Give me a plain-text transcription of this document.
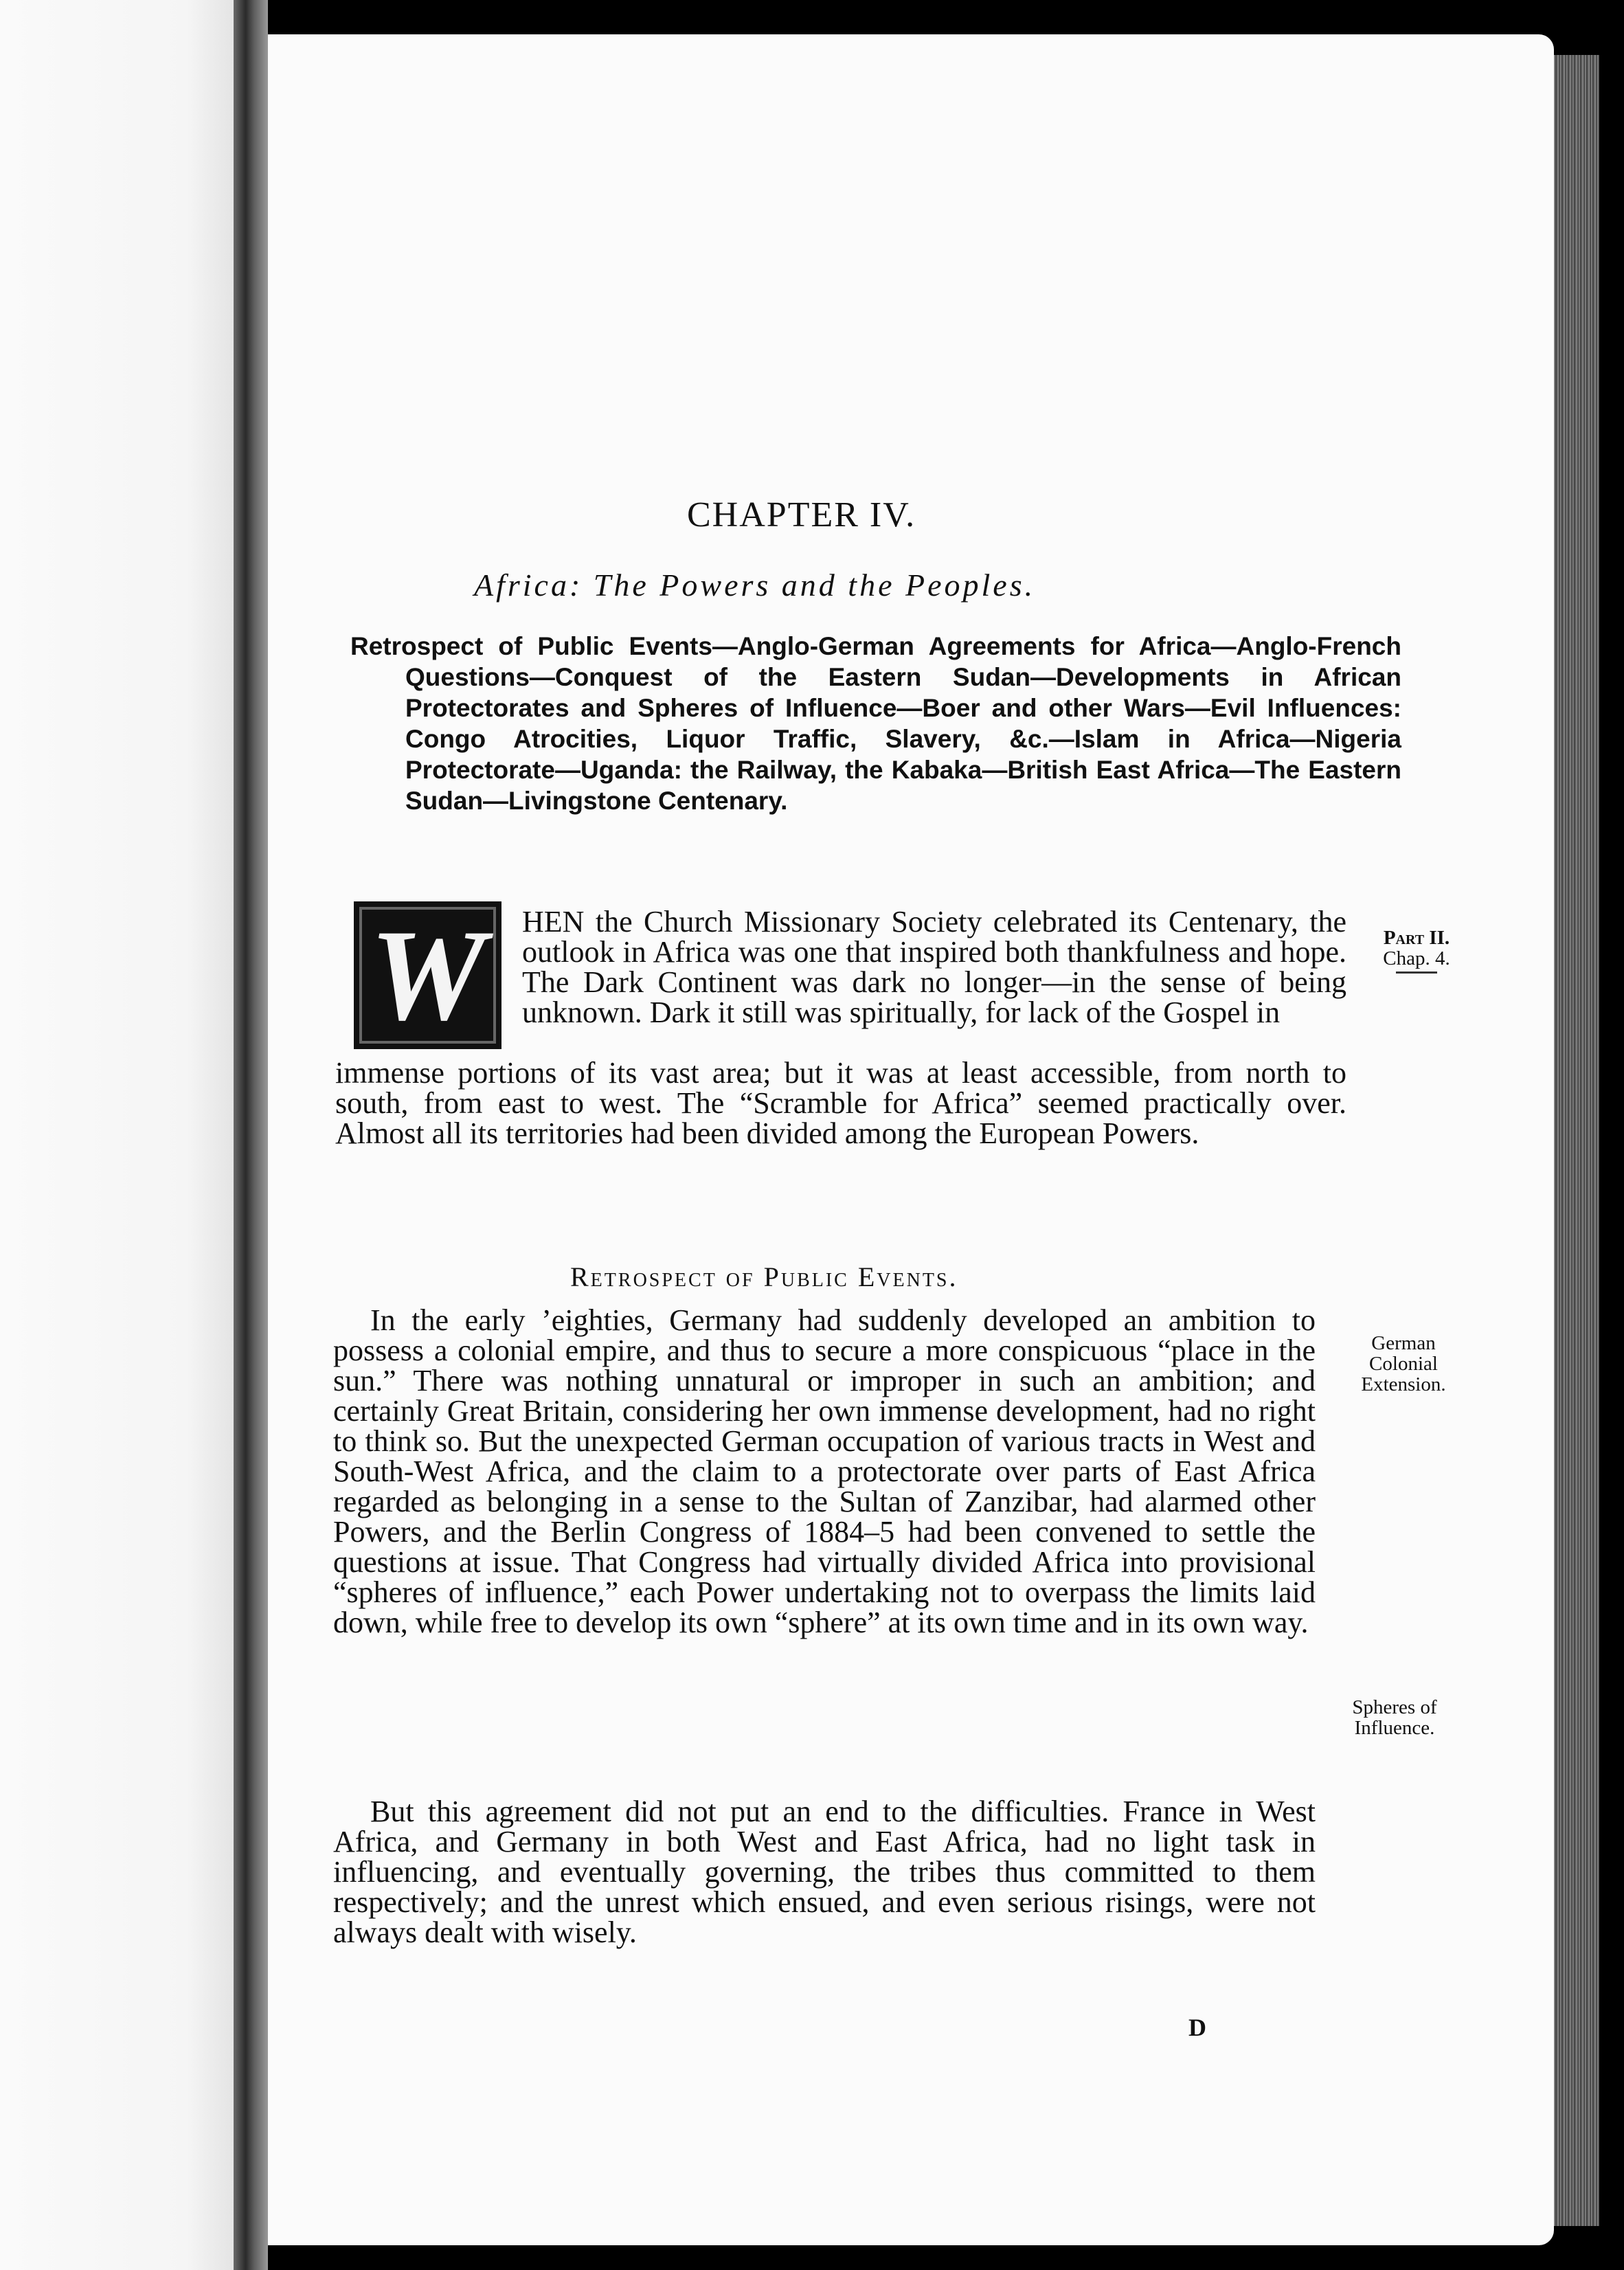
CHAPTER IV.
Africa: The Powers and the Peoples.
Retrospect of Public Events—Anglo-German Agreements for Africa—Anglo-French Questions—Conquest of the Eastern Sudan—Developments in African Protectorates and Spheres of Influence—Boer and other Wars—Evil Influences: Congo Atrocities, Liquor Traffic, Slavery, &c.—Islam in Africa—Nigeria Protectorate—Uganda: the Railway, the Kabaka—British East Africa—The Eastern Sudan—Livingstone Centenary.
W HEN the Church Missionary Society celebrated its Centenary, the outlook in Africa was one that inspired both thankfulness and hope. The Dark Continent was dark no longer—in the sense of being unknown. Dark it still was spiritually, for lack of the Gospel in
immense portions of its vast area; but it was at least accessible, from north to south, from east to west. The “Scramble for Africa” seemed practically over. Almost all its territories had been divided among the European Powers.
Retrospect of Public Events.
In the early ’eighties, Germany had suddenly developed an ambition to possess a colonial empire, and thus to secure a more conspicuous “place in the sun.” There was nothing unnatural or improper in such an ambition; and certainly Great Britain, considering her own immense development, had no right to think so. But the unexpected German occupation of various tracts in West and South-West Africa, and the claim to a protectorate over parts of East Africa regarded as belonging in a sense to the Sultan of Zanzibar, had alarmed other Powers, and the Berlin Congress of 1884–5 had been convened to settle the questions at issue. That Congress had virtually divided Africa into provisional “spheres of influence,” each Power undertaking not to overpass the limits laid down, while free to develop its own “sphere” at its own time and in its own way.
But this agreement did not put an end to the difficulties. France in West Africa, and Germany in both West and East Africa, had no light task in influencing, and eventually governing, the tribes thus committed to them respectively; and the unrest which ensued, and even serious risings, were not always dealt with wisely.
Part II.
Chap. 4.
German
Colonial
Extension.
Spheres of
Influence.
D
